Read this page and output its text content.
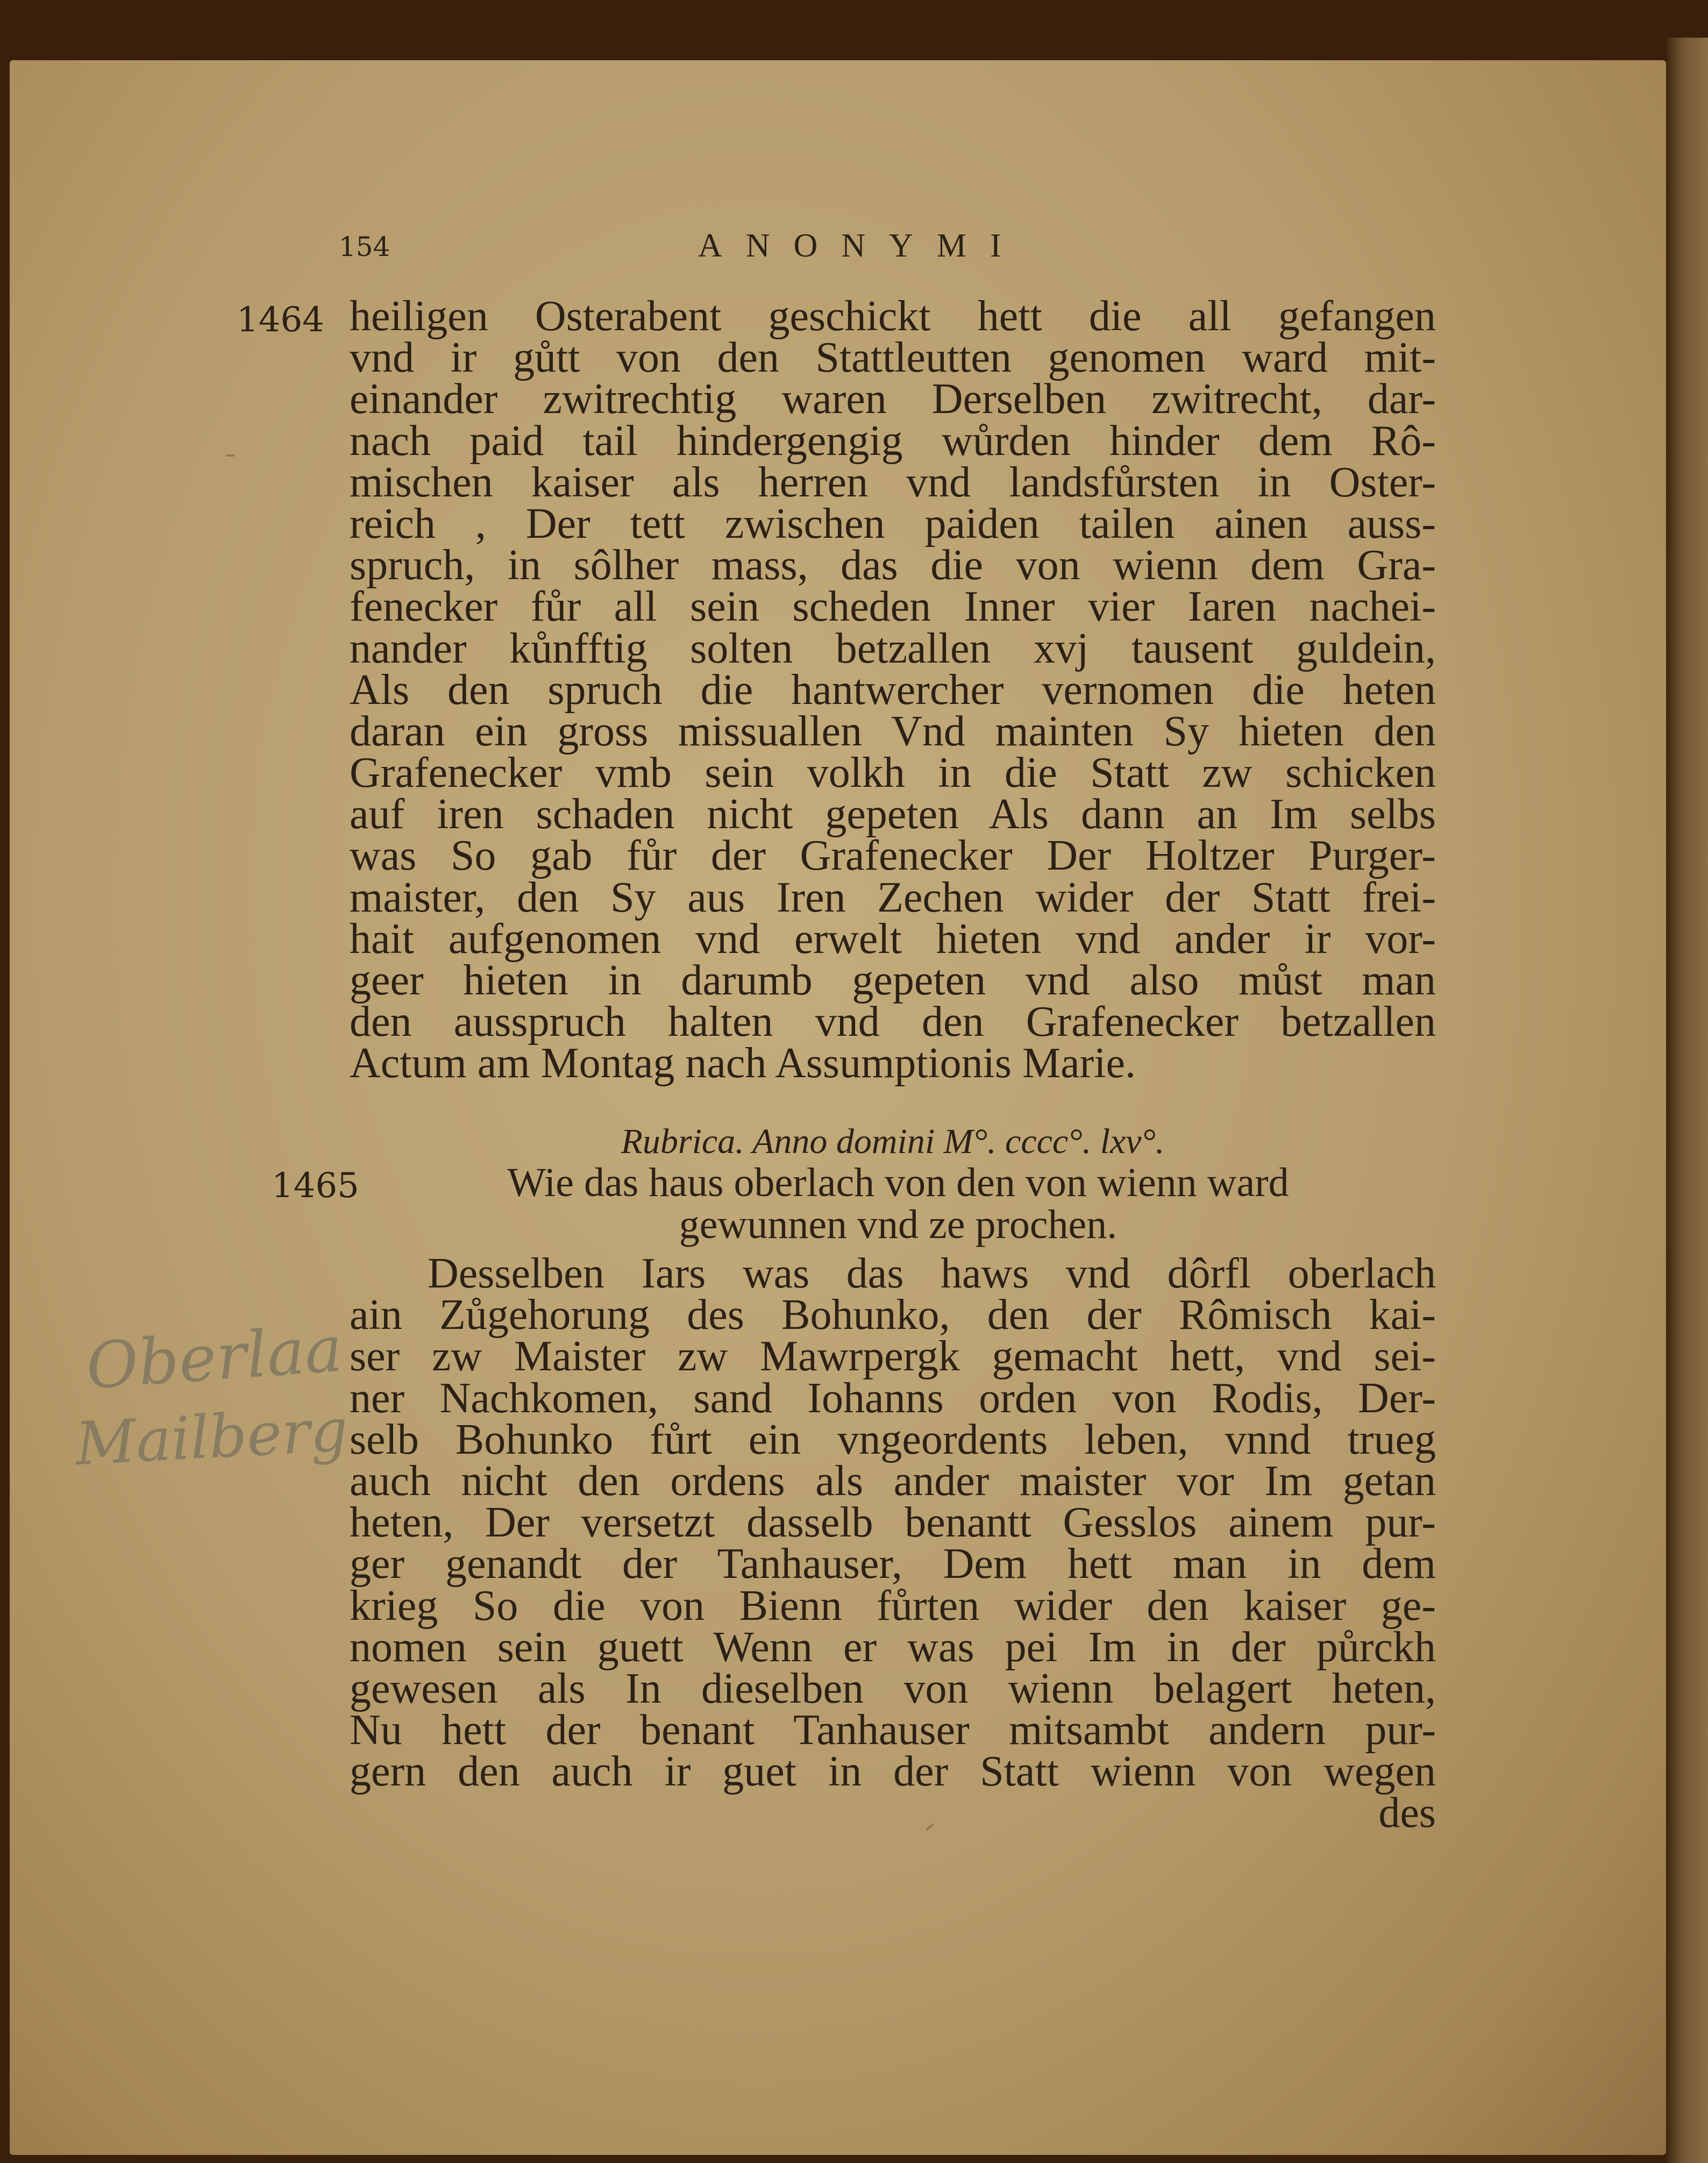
154	ANONYMI
1464 heiligen Osterabent geschickt hett die all gefangen
vnd ir gůtt von den Stattleutten genomen ward mit-
einander zwitrechtig waren Derselben zwitrecht, dar-
nach paid tail hindergengig wůrden hinder dem Rô-
mischen kaiser als herren vnd landsfůrsten in Oster-
reich , Der tett zwischen paiden tailen ainen auss-
spruch, in sôlher mass, das die von wienn dem Gra-
fenecker fůr all sein scheden Inner vier Iaren nachei-
nander kůnfftig solten betzallen xvj tausent guldein,
Als den spruch die hantwercher vernomen die heten
daran ein gross missuallen Vnd mainten Sy hieten den
Grafenecker vmb sein volkh in die Statt zw schicken
auf iren schaden nicht gepeten Als dann an Im selbs
was So gab fůr der Grafenecker Der Holtzer Purger-
maister, den Sy aus Iren Zechen wider der Statt frei-
hait aufgenomen vnd erwelt hieten vnd ander ir vor-
geer hieten in darumb gepeten vnd also můst man
den ausspruch halten vnd den Grafenecker betzallen
Actum am Montag nach Assumptionis Marie.
Rubrica. Anno domini M°. cccc°. lxv°.
1465	Wie das haus oberlach von den von wienn ward
gewunnen vnd ze prochen.
Desselben Iars was das haws vnd dôrfl oberlach
ain Zůgehorung des Bohunko, den der Rômisch kai-
ser zw Maister zw Mawrpergk gemacht hett, vnd sei-
ner Nachkomen, sand Iohanns orden von Rodis, Der-
selb Bohunko fůrt ein vngeordents leben, vnnd trueg
auch nicht den ordens als ander maister vor Im getan
heten, Der versetzt dasselb benantt Gesslos ainem pur-
ger genandt der Tanhauser, Dem hett man in dem
krieg So die von Bienn fůrten wider den kaiser ge-
nomen sein guett Wenn er was pei Im in der půrckh
gewesen als In dieselben von wienn belagert heten,
Nu hett der benant Tanhauser mitsambt andern pur-
gern den auch ir guet in der Statt wienn von wegen
des
Oberlaa
Mailberg
